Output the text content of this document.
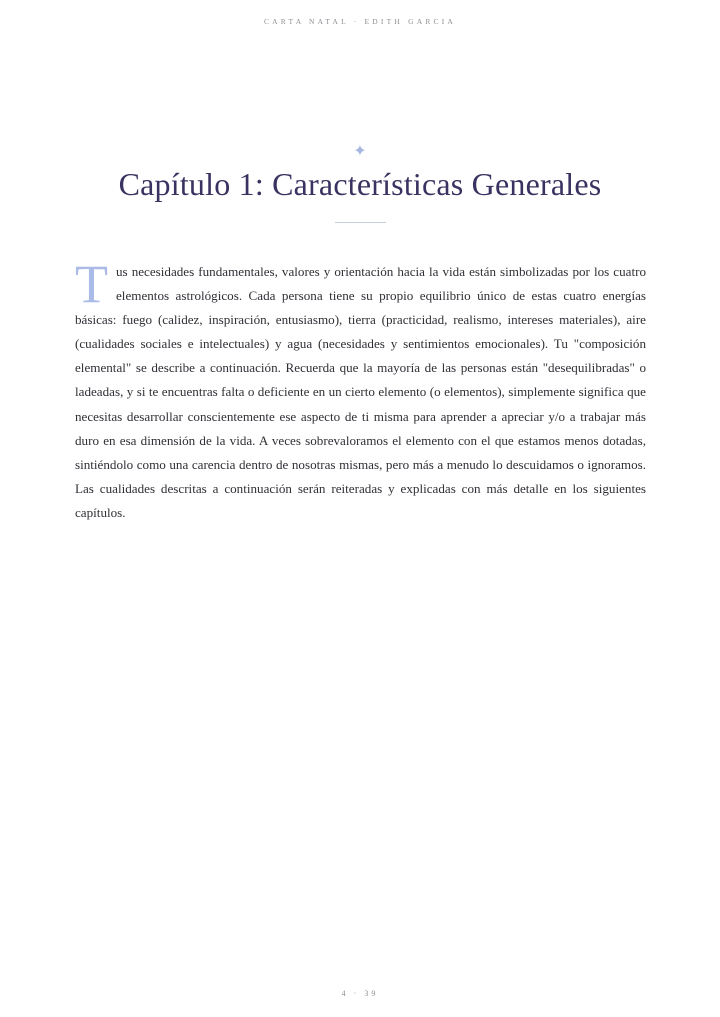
CARTA NATAL · EDITH GARCIA
✦
Capítulo 1: Características Generales

Tus necesidades fundamentales, valores y orientación hacia la vida están simbolizadas por los cuatro elementos astrológicos. Cada persona tiene su propio equilibrio único de estas cuatro energías básicas: fuego (calidez, inspiración, entusiasmo), tierra (practicidad, realismo, intereses materiales), aire (cualidades sociales e intelectuales) y agua (necesidades y sentimientos emocionales). Tu "composición elemental" se describe a continuación. Recuerda que la mayoría de las personas están "desequilibradas" o ladeadas, y si te encuentras falta o deficiente en un cierto elemento (o elementos), simplemente significa que necesitas desarrollar conscientemente ese aspecto de ti misma para aprender a apreciar y/o a trabajar más duro en esa dimensión de la vida. A veces sobrevaloramos el elemento con el que estamos menos dotadas, sintiéndolo como una carencia dentro de nosotras mismas, pero más a menudo lo descuidamos o ignoramos. Las cualidades descritas a continuación serán reiteradas y explicadas con más detalle en los siguientes capítulos.

4 · 39
